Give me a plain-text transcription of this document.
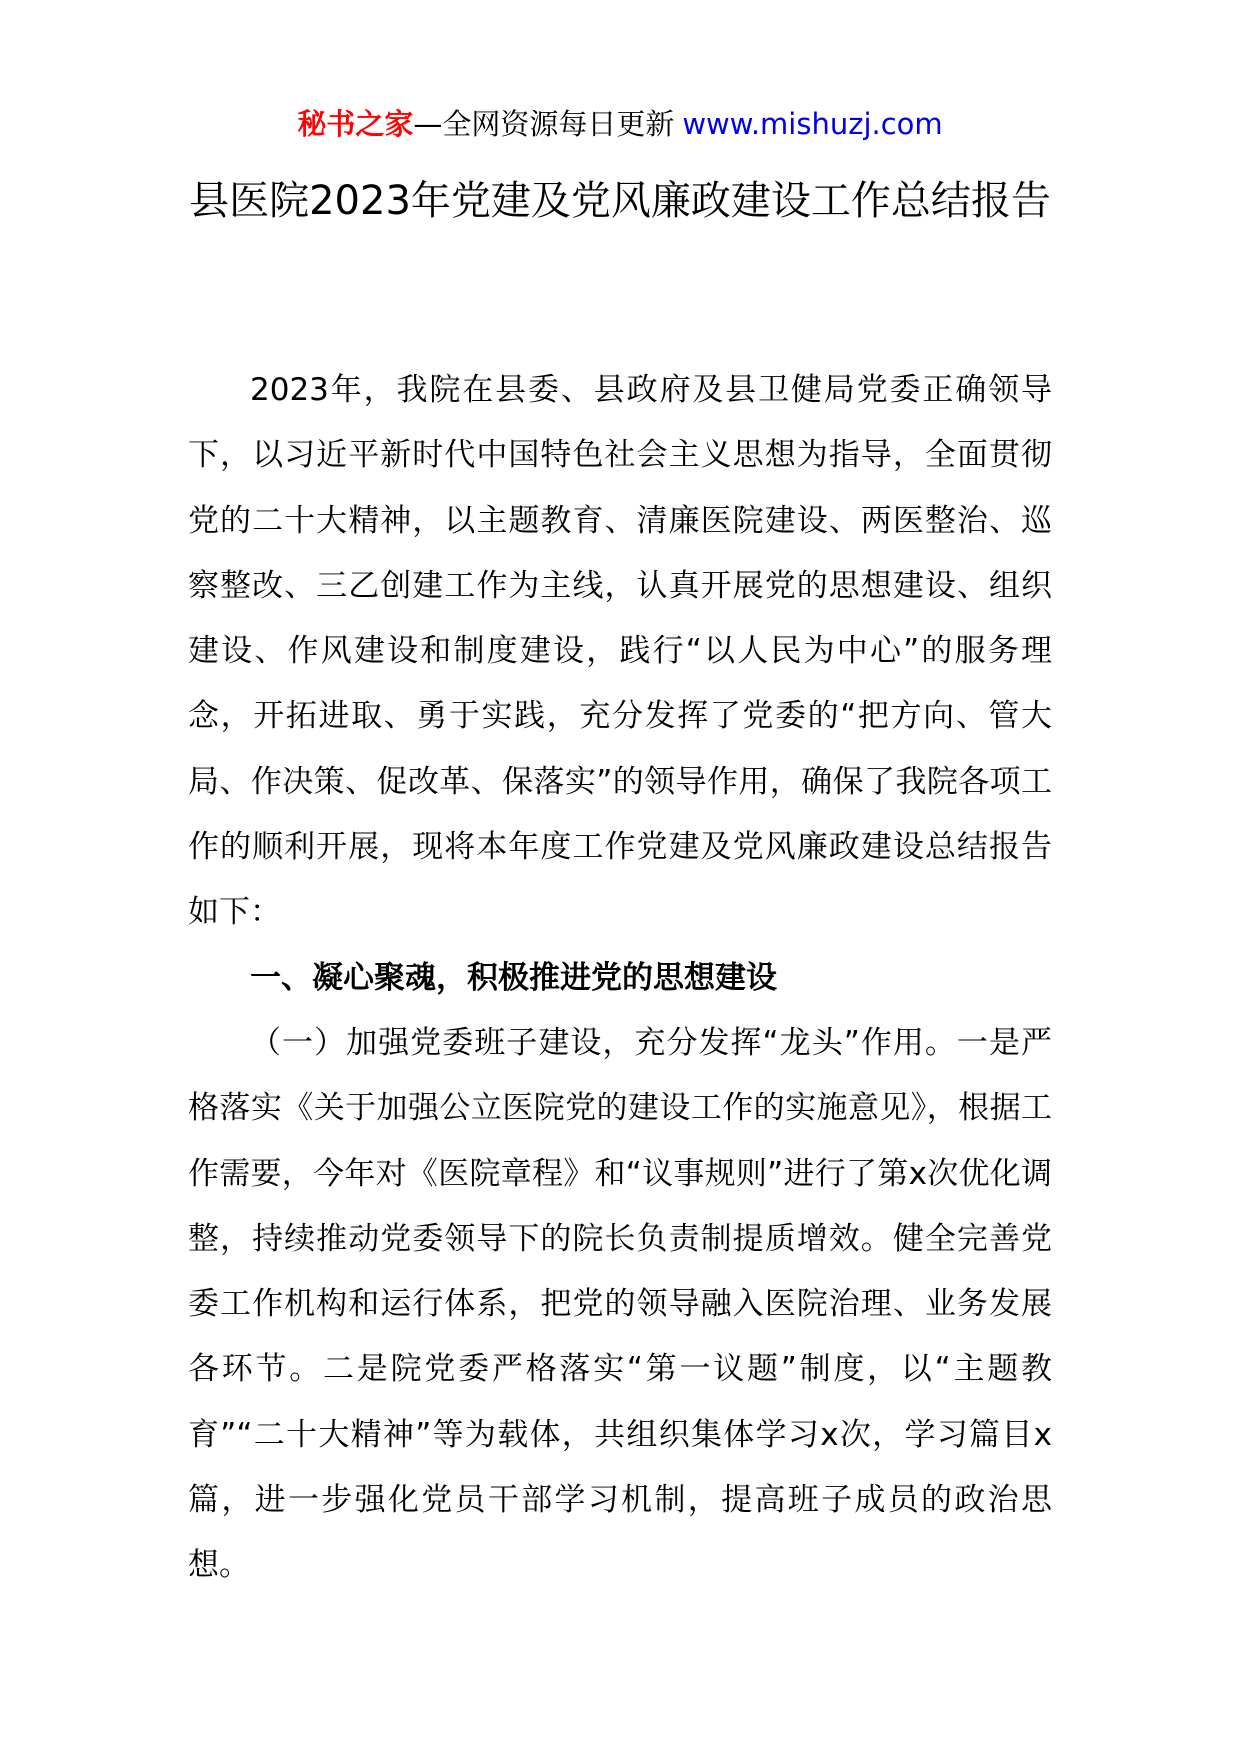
秘书之家—全网资源每日更新 www.mishuzj.com
县医院2023年党建及党风廉政建设工作总结报告

2023年，我院在县委、县政府及县卫健局党委正确领导下，以习近平新时代中国特色社会主义思想为指导，全面贯彻党的二十大精神，以主题教育、清廉医院建设、两医整治、巡察整改、三乙创建工作为主线，认真开展党的思想建设、组织建设、作风建设和制度建设，践行“以人民为中心”的服务理念，开拓进取、勇于实践，充分发挥了党委的“把方向、管大局、作决策、促改革、保落实”的领导作用，确保了我院各项工作的顺利开展，现将本年度工作党建及党风廉政建设总结报告如下：

一、凝心聚魂，积极推进党的思想建设

（一）加强党委班子建设，充分发挥“龙头”作用。一是严格落实《关于加强公立医院党的建设工作的实施意见》，根据工作需要，今年对《医院章程》和“议事规则”进行了第x次优化调整，持续推动党委领导下的院长负责制提质增效。健全完善党委工作机构和运行体系，把党的领导融入医院治理、业务发展各环节。二是院党委严格落实“第一议题”制度，以“主题教育”“二十大精神”等为载体，共组织集体学习x次，学习篇目x篇，进一步强化党员干部学习机制，提高班子成员的政治思想。
